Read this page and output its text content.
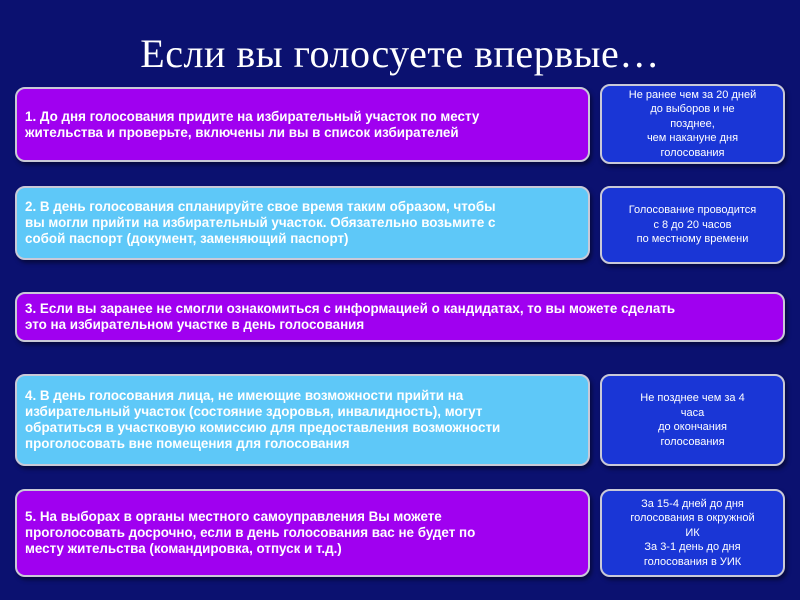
Если вы голосуете впервые…
1. До дня голосования придите на избирательный участок по месту
жительства и проверьте, включены ли вы в список избирателей
Не ранее чем за 20 дней
до выборов и не
позднее,
чем накануне дня
голосования
2. В день голосования спланируйте свое время таким образом, чтобы
вы могли прийти на избирательный участок. Обязательно возьмите с
собой паспорт (документ, заменяющий паспорт)
Голосование проводится
с 8 до 20 часов
по местному времени
3. Если вы заранее не смогли ознакомиться с информацией о кандидатах, то вы можете сделать
это на избирательном участке в день голосования
4. В день голосования лица, не имеющие возможности прийти на
избирательный участок (состояние здоровья, инвалидность), могут
обратиться в участковую комиссию для предоставления возможности
проголосовать вне помещения для голосования
Не позднее чем за 4
часа
до окончания
голосования
5. На выборах в органы местного самоуправления Вы можете
проголосовать досрочно, если в день голосования вас не будет по
месту жительства (командировка, отпуск и т.д.)
За 15-4 дней до дня
голосования в окружной
ИК
За 3-1 день до дня
голосования в УИК
